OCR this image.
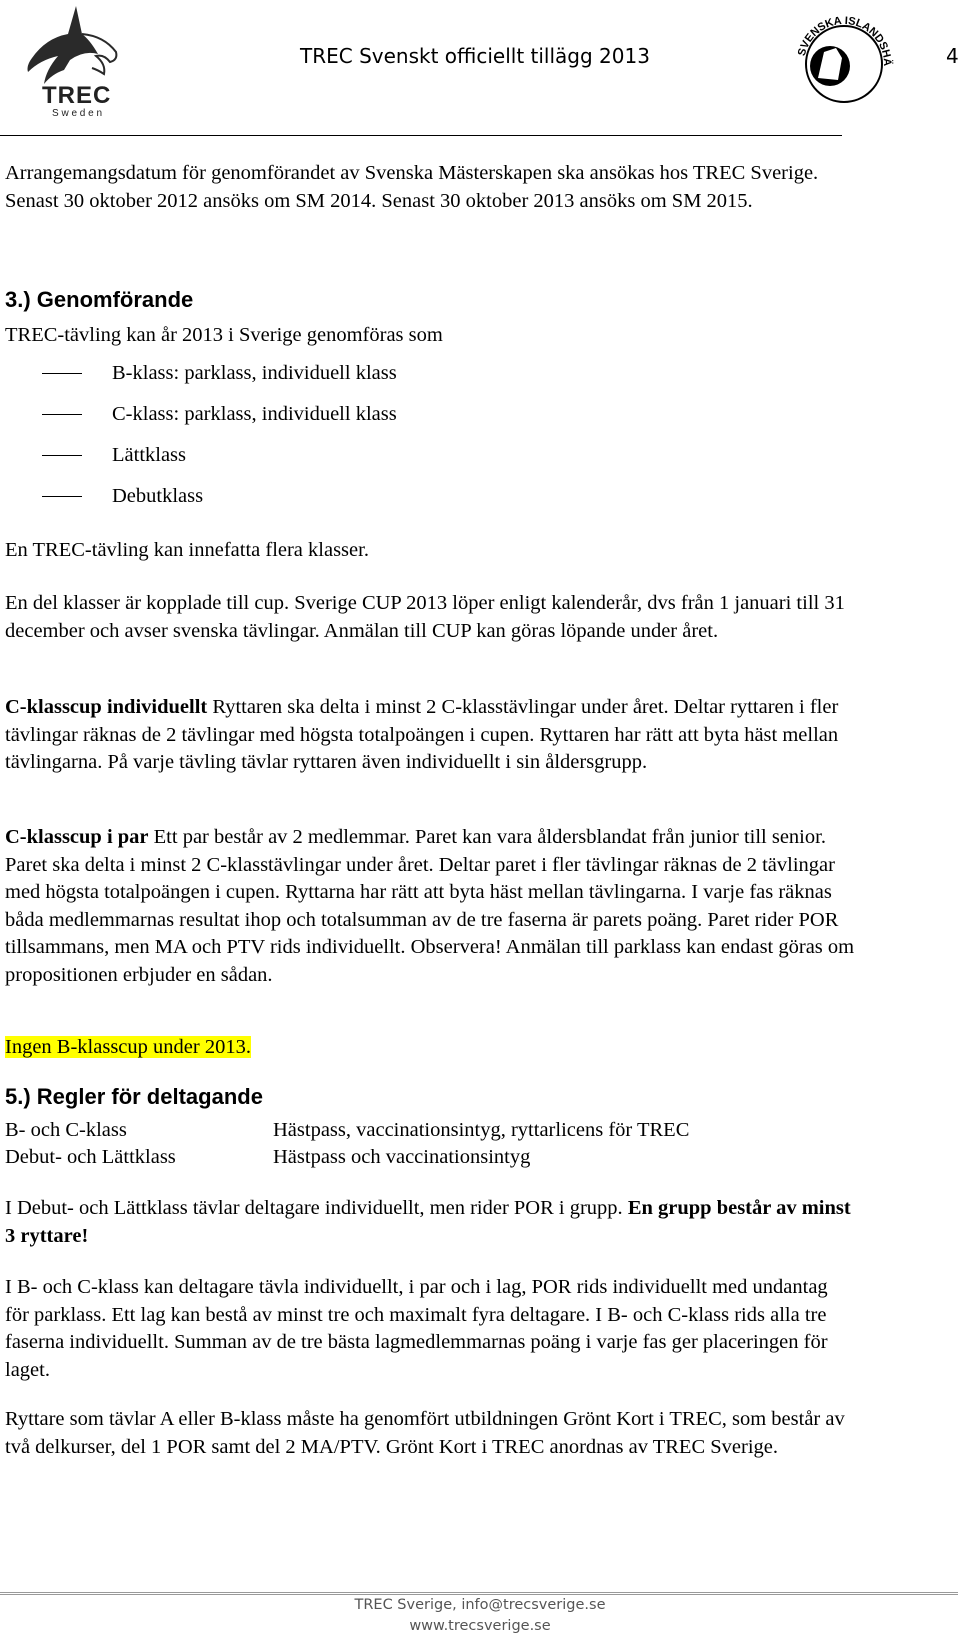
TREC
S w e d e n
TREC Svenskt officiellt tillägg 2013	4
SVENSKA ISLANDSHÄ
Arrangemangsdatum för genomförandet av Svenska Mästerskapen ska ansökas hos TREC Sverige. Senast 30 oktober 2012 ansöks om SM 2014. Senast 30 oktober 2013 ansöks om SM 2015.
3.) Genomförande
TREC-tävling kan år 2013 i Sverige genomföras som
B-klass: parklass, individuell klass
C-klass: parklass, individuell klass
Lättklass
Debutklass
En TREC-tävling kan innefatta flera klasser.
En del klasser är kopplade till cup. Sverige CUP 2013 löper enligt kalenderår, dvs från 1 januari till 31 december och avser svenska tävlingar. Anmälan till CUP kan göras löpande under året.
C-klasscup individuellt Ryttaren ska delta i minst 2 C-klasstävlingar under året. Deltar ryttaren i fler tävlingar räknas de 2 tävlingar med högsta totalpoängen i cupen. Ryttaren har rätt att byta häst mellan tävlingarna. På varje tävling tävlar ryttaren även individuellt i sin åldersgrupp.
C-klasscup i par Ett par består av 2 medlemmar. Paret kan vara åldersblandat från junior till senior. Paret ska delta i minst 2 C-klasstävlingar under året. Deltar paret i fler tävlingar räknas de 2 tävlingar med högsta totalpoängen i cupen. Ryttarna har rätt att byta häst mellan tävlingarna. I varje fas räknas båda medlemmarnas resultat ihop och totalsumman av de tre faserna är parets poäng. Paret rider POR tillsammans, men MA och PTV rids individuellt. Observera! Anmälan till parklass kan endast göras om propositionen erbjuder en sådan.
Ingen B-klasscup under 2013.
5.) Regler för deltagande
B- och C-klass	Hästpass, vaccinationsintyg, ryttarlicens för TREC
Debut- och Lättklass	Hästpass och vaccinationsintyg
I Debut- och Lättklass tävlar deltagare individuellt, men rider POR i grupp. En grupp består av minst 3 ryttare!
I B- och C-klass kan deltagare tävla individuellt, i par och i lag, POR rids individuellt med undantag för parklass. Ett lag kan bestå av minst tre och maximalt fyra deltagare. I B- och C-klass rids alla tre faserna individuellt. Summan av de tre bästa lagmedlemmarnas poäng i varje fas ger placeringen för laget.
Ryttare som tävlar A eller B-klass måste ha genomfört utbildningen Grönt Kort i TREC, som består av två delkurser, del 1 POR samt del 2 MA/PTV. Grönt Kort i TREC anordnas av TREC Sverige.
TREC Sverige, info@trecsverige.se
www.trecsverige.se
